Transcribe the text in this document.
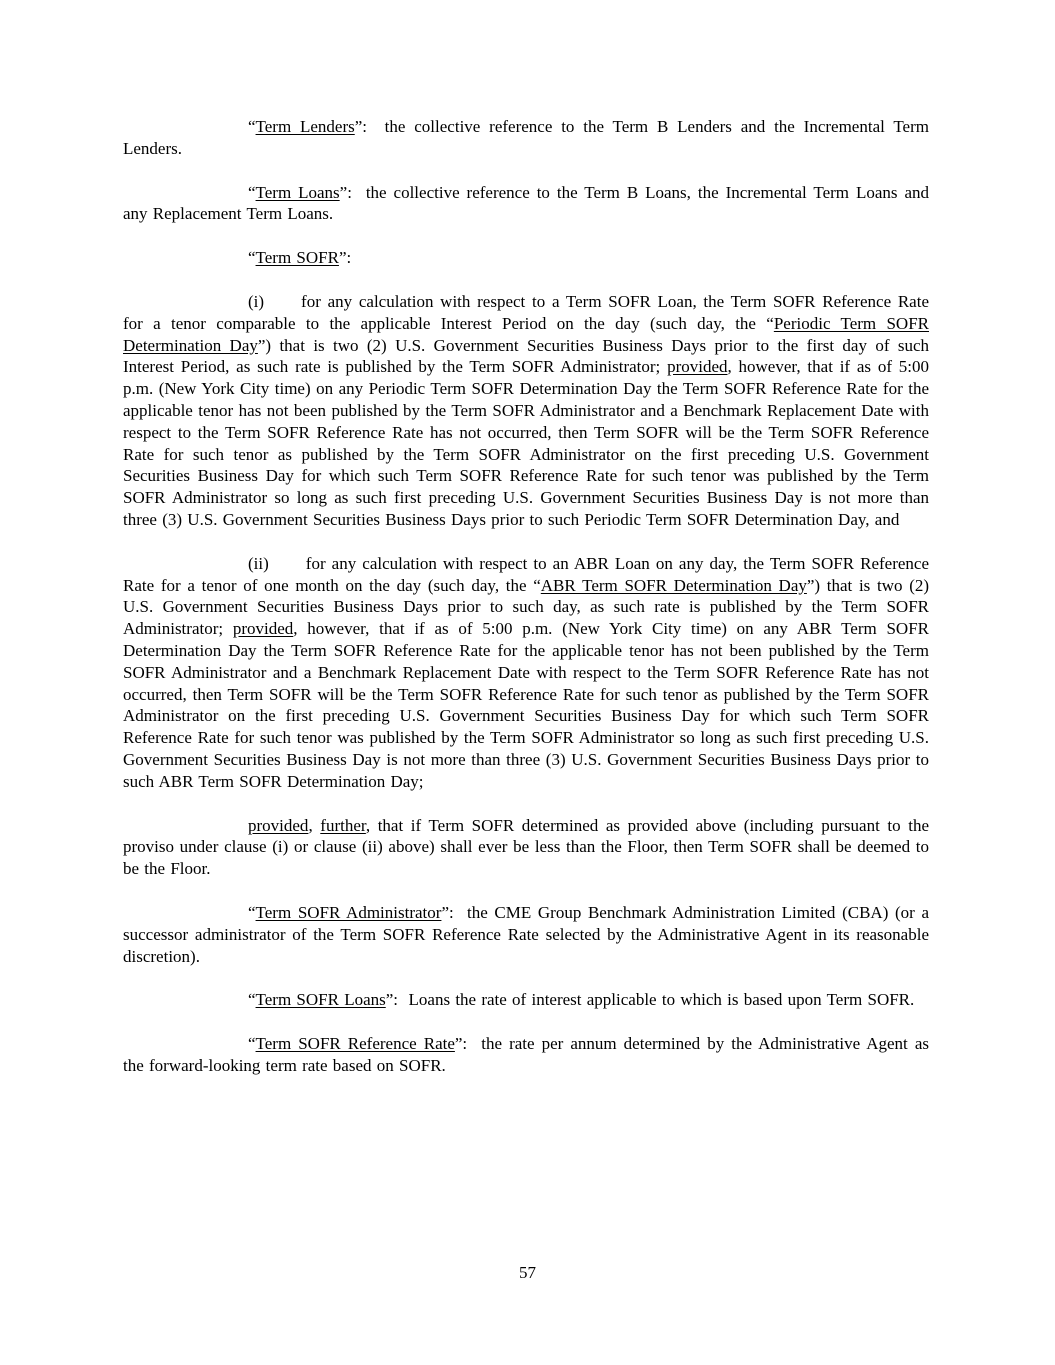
“Term Lenders”:  the collective reference to the Term B Lenders and the Incremental Term Lenders.

“Term Loans”:  the collective reference to the Term B Loans, the Incremental Term Loans and any Replacement Term Loans.

“Term SOFR”:

(i) for any calculation with respect to a Term SOFR Loan, the Term SOFR Reference Rate for a tenor comparable to the applicable Interest Period on the day (such day, the “Periodic Term SOFR Determination Day”) that is two (2) U.S. Government Securities Business Days prior to the first day of such Interest Period, as such rate is published by the Term SOFR Administrator; provided, however, that if as of 5:00 p.m. (New York City time) on any Periodic Term SOFR Determination Day the Term SOFR Reference Rate for the applicable tenor has not been published by the Term SOFR Administrator and a Benchmark Replacement Date with respect to the Term SOFR Reference Rate has not occurred, then Term SOFR will be the Term SOFR Reference Rate for such tenor as published by the Term SOFR Administrator on the first preceding U.S. Government Securities Business Day for which such Term SOFR Reference Rate for such tenor was published by the Term SOFR Administrator so long as such first preceding U.S. Government Securities Business Day is not more than three (3) U.S. Government Securities Business Days prior to such Periodic Term SOFR Determination Day, and

(ii) for any calculation with respect to an ABR Loan on any day, the Term SOFR Reference Rate for a tenor of one month on the day (such day, the “ABR Term SOFR Determination Day”) that is two (2) U.S. Government Securities Business Days prior to such day, as such rate is published by the Term SOFR Administrator; provided, however, that if as of 5:00 p.m. (New York City time) on any ABR Term SOFR Determination Day the Term SOFR Reference Rate for the applicable tenor has not been published by the Term SOFR Administrator and a Benchmark Replacement Date with respect to the Term SOFR Reference Rate has not occurred, then Term SOFR will be the Term SOFR Reference Rate for such tenor as published by the Term SOFR Administrator on the first preceding U.S. Government Securities Business Day for which such Term SOFR Reference Rate for such tenor was published by the Term SOFR Administrator so long as such first preceding U.S. Government Securities Business Day is not more than three (3) U.S. Government Securities Business Days prior to such ABR Term SOFR Determination Day;

provided, further, that if Term SOFR determined as provided above (including pursuant to the proviso under clause (i) or clause (ii) above) shall ever be less than the Floor, then Term SOFR shall be deemed to be the Floor.

“Term SOFR Administrator”:  the CME Group Benchmark Administration Limited (CBA) (or a successor administrator of the Term SOFR Reference Rate selected by the Administrative Agent in its reasonable discretion).

“Term SOFR Loans”:  Loans the rate of interest applicable to which is based upon Term SOFR.

“Term SOFR Reference Rate”:  the rate per annum determined by the Administrative Agent as the forward-looking term rate based on SOFR.

57
